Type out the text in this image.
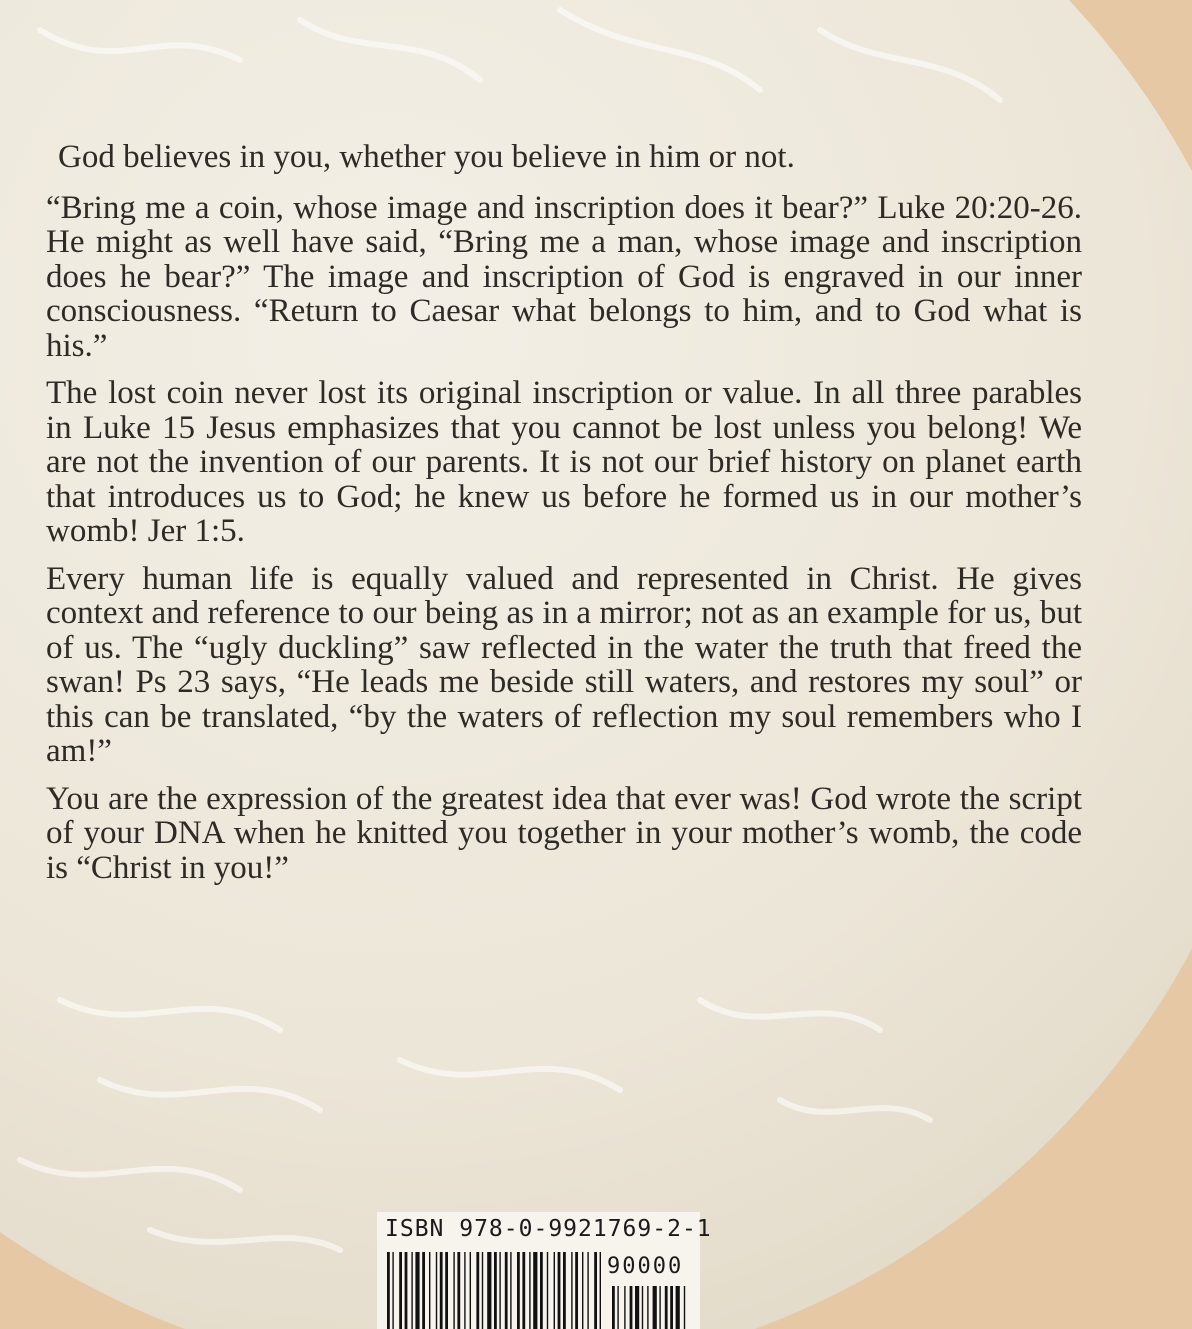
God believes in you, whether you believe in him or not.

“Bring me a coin, whose image and inscription does it bear?” Luke 20:20-26. He might as well have said, “Bring me a man, whose image and inscription does he bear?” The image and inscription of God is engraved in our inner consciousness. “Return to Caesar what belongs to him, and to God what is his.”

The lost coin never lost its original inscription or value. In all three parables in Luke 15 Jesus emphasizes that you cannot be lost unless you belong! We are not the invention of our parents. It is not our brief history on planet earth that introduces us to God; he knew us before he formed us in our mother’s womb! Jer 1:5.

Every human life is equally valued and represented in Christ. He gives context and reference to our being as in a mirror; not as an example for us, but of us. The “ugly duckling” saw reflected in the water the truth that freed the swan! Ps 23 says, “He leads me beside still waters, and restores my soul” or this can be translated, “by the waters of reflection my soul remembers who I am!”

You are the expression of the greatest idea that ever was! God wrote the script of your DNA when he knitted you together in your mother’s womb, the code is “Christ in you!”

ISBN 978-0-9921769-2-1
90000
